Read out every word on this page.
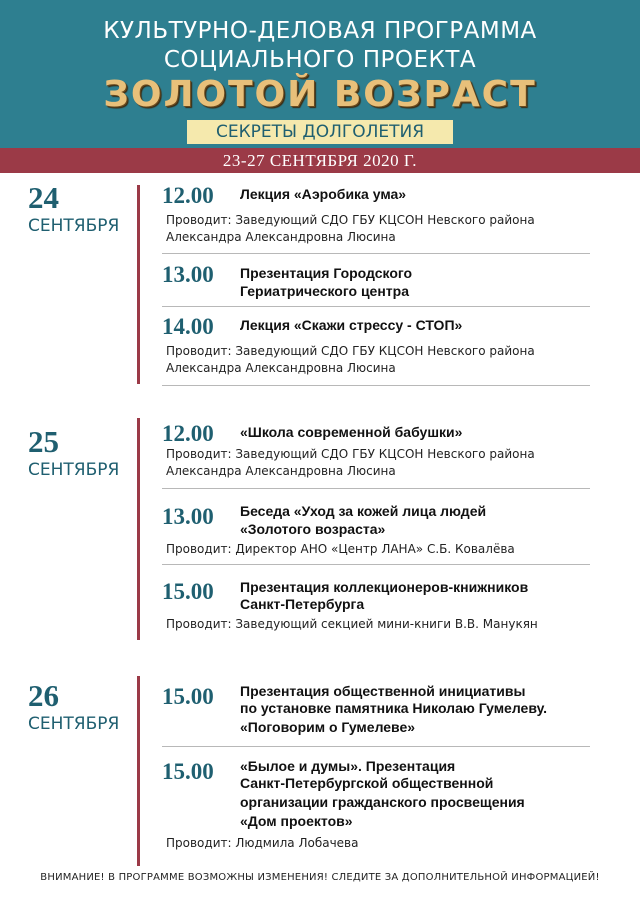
КУЛЬТУРНО-ДЕЛОВАЯ ПРОГРАММА
СОЦИАЛЬНОГО ПРОЕКТА
ЗОЛОТОЙ ВОЗРАСТ
СЕКРЕТЫ ДОЛГОЛЕТИЯ
23-27 СЕНТЯБРЯ 2020 Г.
24
СЕНТЯБРЯ
12.00 Лекция «Аэробика ума»
Проводит: Заведующий СДО ГБУ КЦСОН Невского района
Александра Александровна Люсина
13.00 Презентация Городского
Гериатрического центра
14.00 Лекция «Скажи стрессу - СТОП»
Проводит: Заведующий СДО ГБУ КЦСОН Невского района
Александра Александровна Люсина
25
СЕНТЯБРЯ
12.00 «Школа современной бабушки»
Проводит: Заведующий СДО ГБУ КЦСОН Невского района
Александра Александровна Люсина
13.00 Беседа «Уход за кожей лица людей
«Золотого возраста»
Проводит: Директор АНО «Центр ЛАНА» С.Б. Ковалёва
15.00 Презентация коллекционеров-книжников
Санкт-Петербурга
Проводит: Заведующий секцией мини-книги В.В. Манукян
26
СЕНТЯБРЯ
15.00 Презентация общественной инициативы
по установке памятника Николаю Гумелеву.
«Поговорим о Гумелеве»
15.00 «Былое и думы». Презентация
Санкт-Петербургской общественной
организации гражданского просвещения
«Дом проектов»
Проводит: Людмила Лобачева
ВНИМАНИЕ! В ПРОГРАММЕ ВОЗМОЖНЫ ИЗМЕНЕНИЯ! СЛЕДИТЕ ЗА ДОПОЛНИТЕЛЬНОЙ ИНФОРМАЦИЕЙ!
